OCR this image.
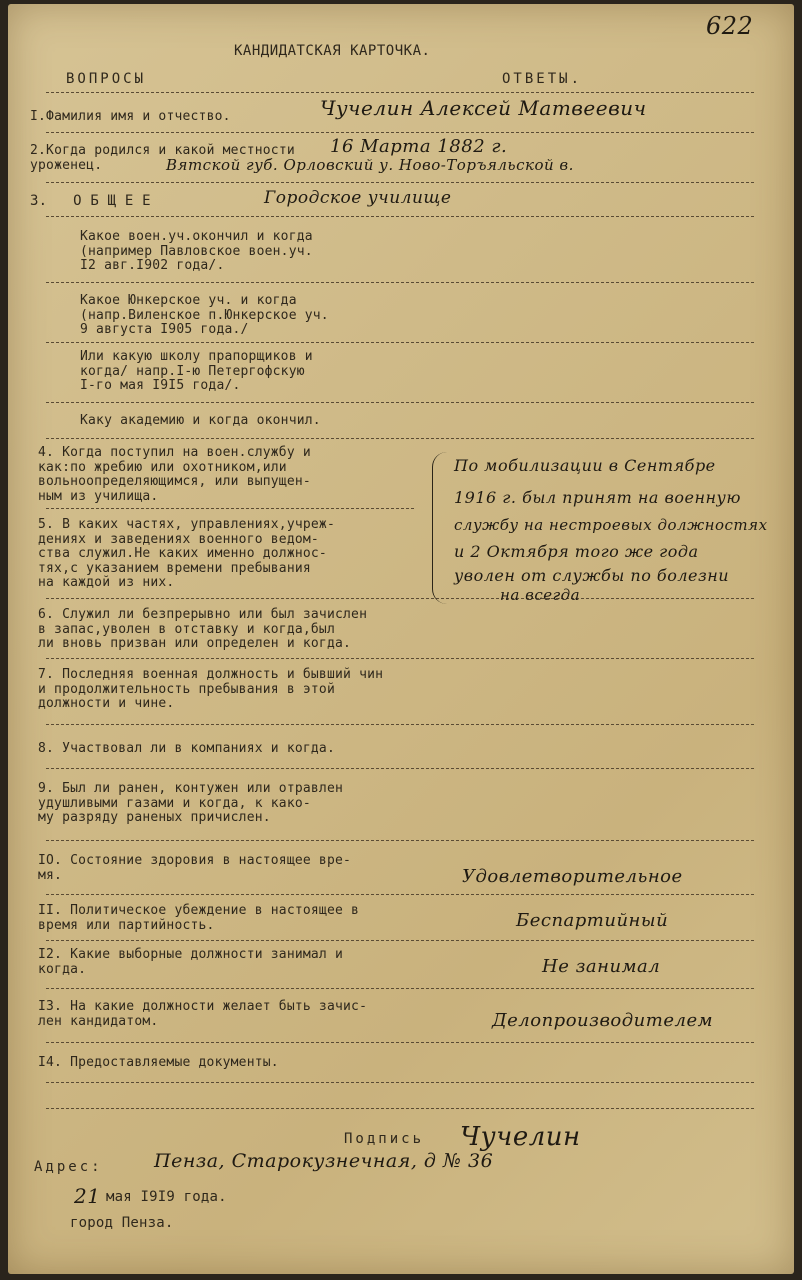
622
КАНДИДАТСКАЯ КАРТОЧКА.
ВОПРОСЫ	ОТВЕТЫ.
I.Фамилия имя и отчество.	Чучелин Алексей Матвеевич
2.Когда родился и какой местности
уроженец.
16 Марта 1882 г.
Вятской губ. Орловский у. Ново-Торъяльской в.
3.   О Б Щ Е Е	Городское училище
Какое воен.уч.окончил и когда
(например Павловское воен.уч.
I2 авг.I902 года/.
Какое Юнкерское уч. и когда
(напр.Виленское п.Юнкерское уч.
9 августа I905 года./
Или какую школу прапорщиков и
когда/ напр.I-ю Петергофскую
I-го мая I9I5 года/.
Каку академию и когда окончил.
4. Когда поступил на воен.службу и
как:по жребию или охотником,или
вольноопределяющимся, или выпущен-
ным из училища.
5. В каких частях, управлениях,учреж-
дениях и заведениях военного ведом-
ства служил.Не каких именно должнос-
тях,с указанием времени пребывания
на каждой из них.
По мобилизации в Сентябре
1916 г. был принят на военную
службу на нестроевых должностях
и 2 Октября того же года
уволен от службы по болезни
на всегда
6. Служил ли безпрерывно или был зачислен
в запас,уволен в отставку и когда,был
ли вновь призван или определен и когда.
7. Последняя военная должность и бывший чин
и продолжительность пребывания в этой
должности и чине.
8. Участвовал ли в компаниях и когда.
9. Был ли ранен, контужен или отравлен
удушливыми газами и когда, к како-
му разряду раненых причислен.
IO. Состояние здоровия в настоящее вре-
мя.	Удовлетворительное
II. Политическое убеждение в настоящее в
время или партийность.	Беспартийный
I2. Какие выборные должности занимал и
когда.	Не занимал
I3. На какие должности желает быть зачис-
лен кандидатом.	Делопроизводителем
I4. Предоставляемые документы.
Подпись Чучелин
Адрес:	Пенза, Старокузнечная, д № 36
21 мая I9I9 года.
город Пенза.
